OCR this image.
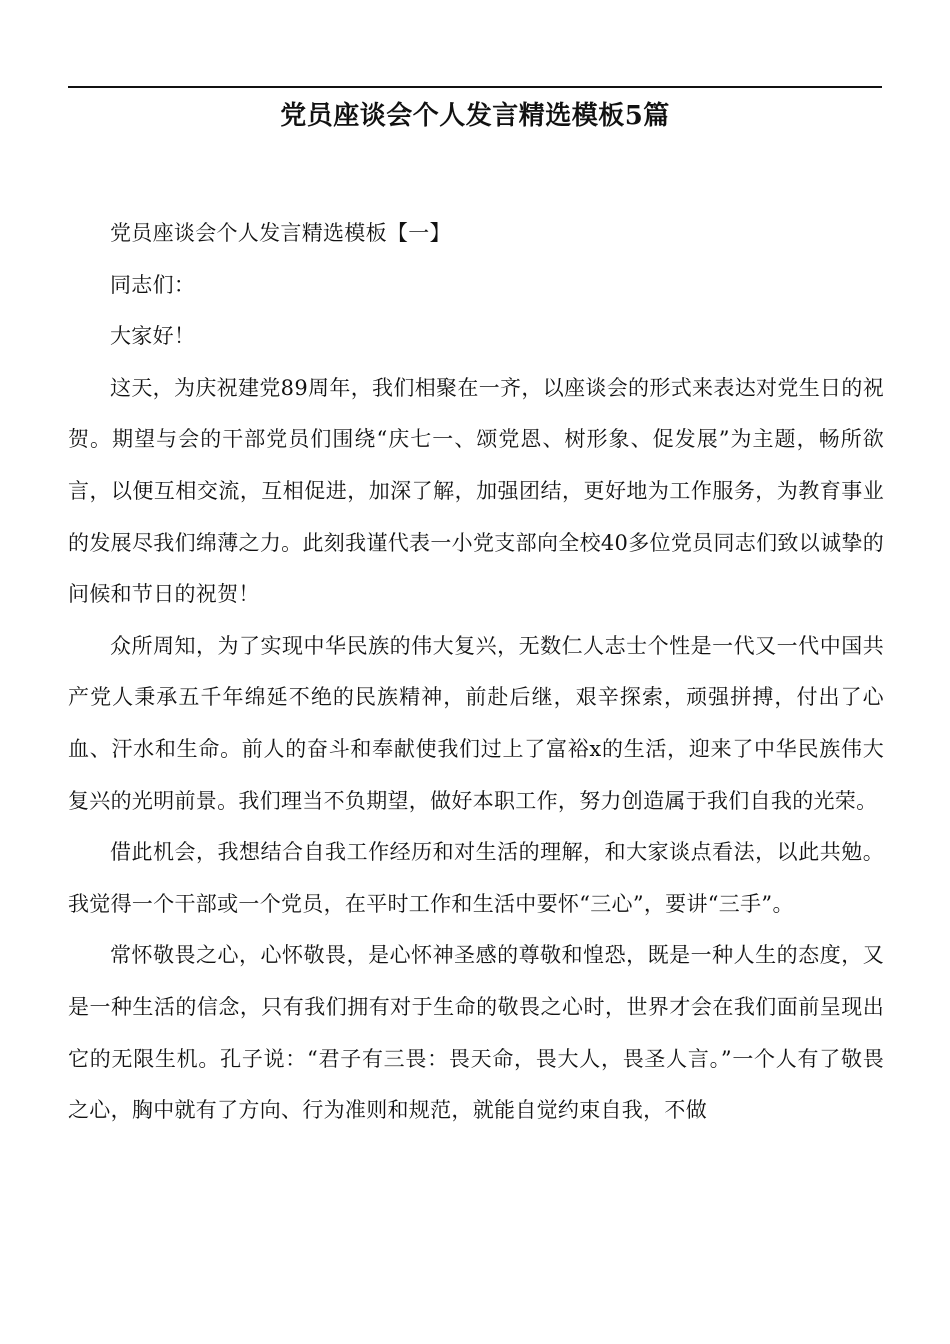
党员座谈会个人发言精选模板5篇

党员座谈会个人发言精选模板【一】

同志们：

大家好！

这天，为庆祝建党89周年，我们相聚在一齐，以座谈会的形式来表达对党生日的祝贺。期望与会的干部党员们围绕“庆七一、颂党恩、树形象、促发展”为主题，畅所欲言，以便互相交流，互相促进，加深了解，加强团结，更好地为工作服务，为教育事业的发展尽我们绵薄之力。此刻我谨代表一小党支部向全校40多位党员同志们致以诚挚的问候和节日的祝贺！

众所周知，为了实现中华民族的伟大复兴，无数仁人志士个性是一代又一代中国共产党人秉承五千年绵延不绝的民族精神，前赴后继，艰辛探索，顽强拼搏，付出了心血、汗水和生命。前人的奋斗和奉献使我们过上了富裕x的生活，迎来了中华民族伟大复兴的光明前景。我们理当不负期望，做好本职工作，努力创造属于我们自我的光荣。

借此机会，我想结合自我工作经历和对生活的理解，和大家谈点看法，以此共勉。我觉得一个干部或一个党员，在平时工作和生活中要怀“三心”，要讲“三手”。

常怀敬畏之心，心怀敬畏，是心怀神圣感的尊敬和惶恐，既是一种人生的态度，又是一种生活的信念，只有我们拥有对于生命的敬畏之心时，世界才会在我们面前呈现出它的无限生机。孔子说：“君子有三畏：畏天命，畏大人，畏圣人言。”一个人有了敬畏之心，胸中就有了方向、行为准则和规范，就能自觉约束自我，不做
